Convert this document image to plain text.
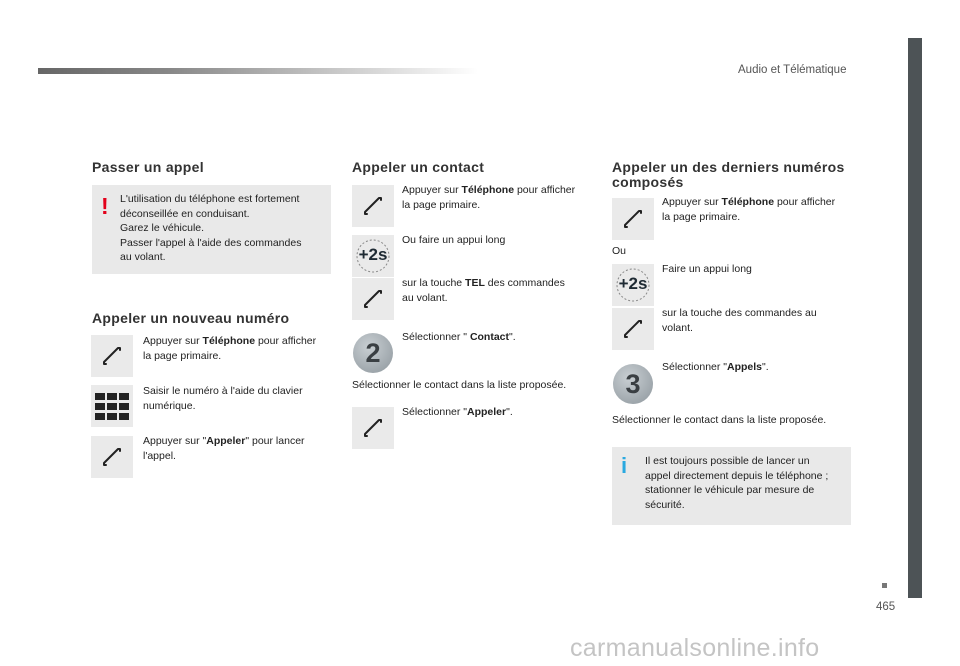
Audio et Télématique
465
carmanualsonline.info
Passer un appel
! L'utilisation du téléphone est fortement
déconseillée en conduisant.
Garez le véhicule.
Passer l'appel à l'aide des commandes
au volant.
Appeler un nouveau numéro
Appuyer sur Téléphone pour afficher
la page primaire.
Saisir le numéro à l'aide du clavier
numérique.
Appuyer sur "Appeler" pour lancer
l'appel.
Appeler un contact
Appuyer sur Téléphone pour afficher
la page primaire.
+2s
Ou faire un appui long
sur la touche TEL des commandes
au volant.
2
Sélectionner " Contact".
Sélectionner le contact dans la liste proposée.
Sélectionner "Appeler".
Appeler un des derniers numéros
composés
Appuyer sur Téléphone pour afficher
la page primaire.
Ou
+2s
Faire un appui long
sur la touche des commandes au
volant.
3
Sélectionner "Appels".
Sélectionner le contact dans la liste proposée.
i Il est toujours possible de lancer un
appel directement depuis le téléphone ;
stationner le véhicule par mesure de
sécurité.
